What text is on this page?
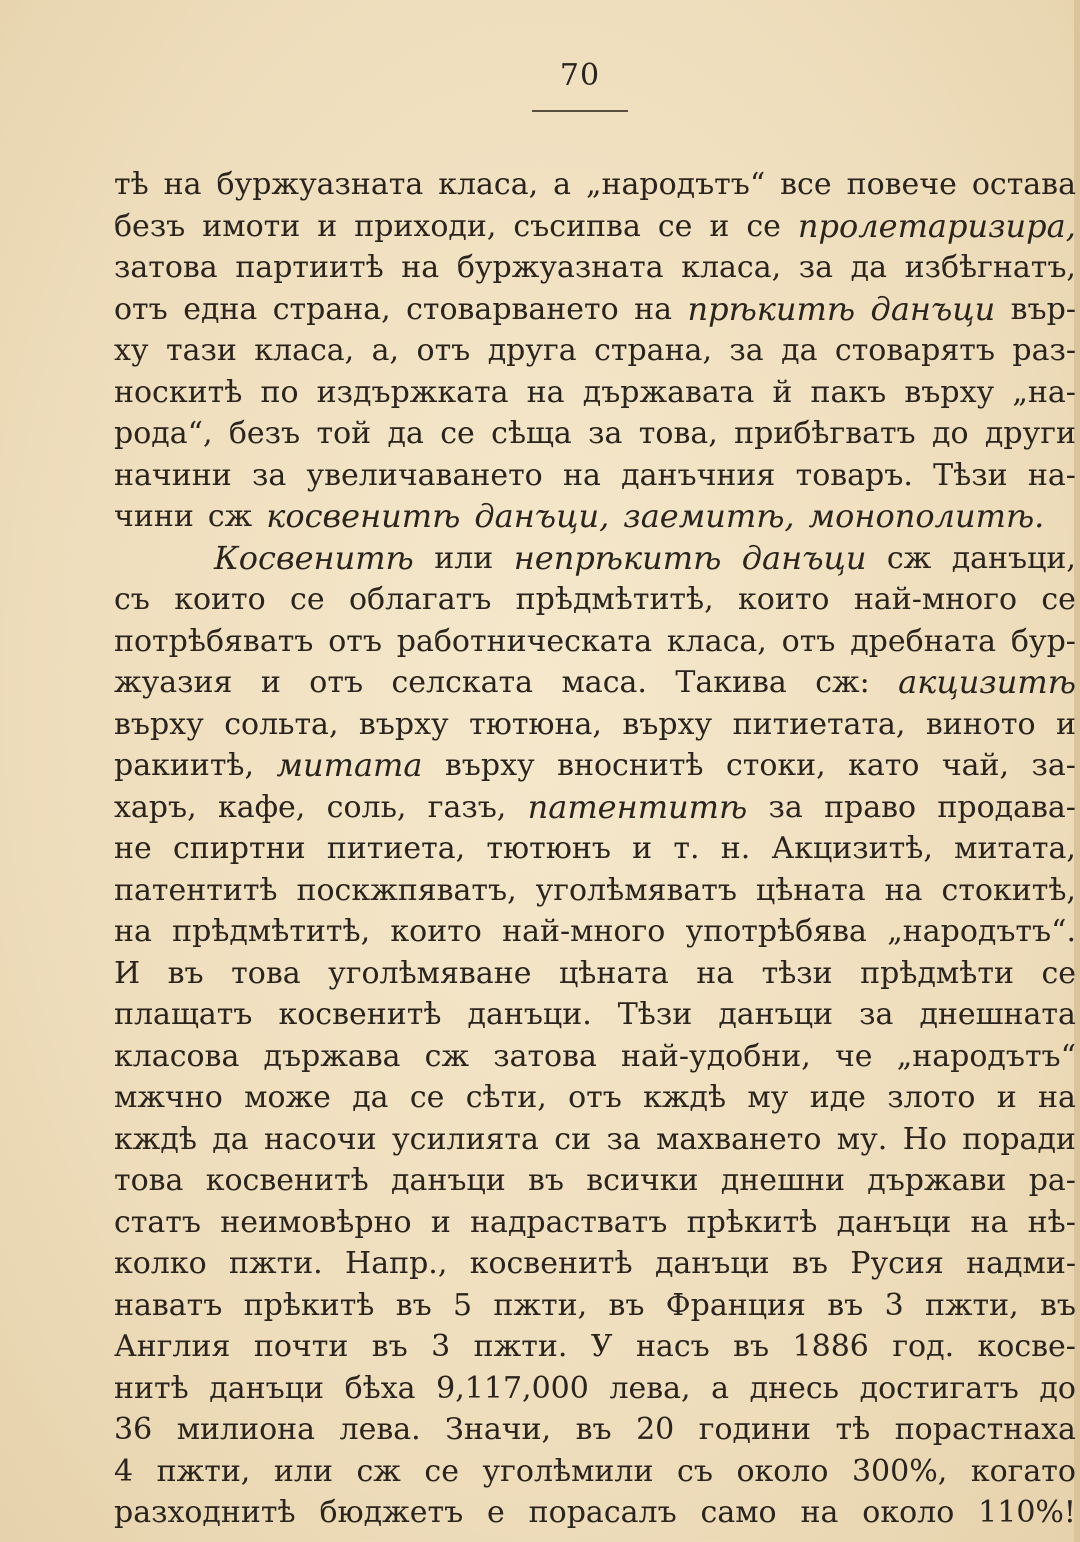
70
тѣ на буржуазната класа, а „народътъ“ все повече остава
безъ имоти и приходи, съсипва се и се пролетаризира,
затова партиитѣ на буржуазната класа, за да избѣгнатъ,
отъ една страна, стоварването на прѣкитѣ данъци вър-
ху тази класа, а, отъ друга страна, за да стоварятъ раз-
носкитѣ по издържката на държавата й пакъ върху „на-
рода“, безъ той да се сѣща за това, прибѣгватъ до други
начини за увеличаването на данъчния товаръ. Тѣзи на-
чини сж косвенитѣ данъци, заемитѣ, монополитѣ.
Косвенитѣ или непрѣкитѣ данъци сж данъци,
съ които се облагатъ прѣдмѣтитѣ, които най-много се
потрѣбяватъ отъ работническата класа, отъ дребната бур-
жуазия и отъ селската маса. Такива сж: акцизитѣ
върху сольта, върху тютюна, върху питиетата, виното и
ракиитѣ, митата върху вноснитѣ стоки, като чай, за-
харъ, кафе, соль, газъ, патентитѣ за право продава-
не спиртни питиета, тютюнъ и т. н. Акцизитѣ, митата,
патентитѣ поскжпяватъ, уголѣмяватъ цѣната на стокитѣ,
на прѣдмѣтитѣ, които най-много употрѣбява „народътъ“.
И въ това уголѣмяване цѣната на тѣзи прѣдмѣти се
плащатъ косвенитѣ данъци. Тѣзи данъци за днешната
класова държава сж затова най-удобни, че „народътъ“
мжчно може да се сѣти, отъ кждѣ му иде злото и на
кждѣ да насочи усилията си за махването му. Но поради
това косвенитѣ данъци въ всички днешни държави ра-
статъ неимовѣрно и надрастватъ прѣкитѣ данъци на нѣ-
колко пжти. Напр., косвенитѣ данъци въ Русия надми-
наватъ прѣкитѣ въ 5 пжти, въ Франция въ 3 пжти, въ
Англия почти въ 3 пжти. У насъ въ 1886 год. косве-
нитѣ данъци бѣха 9,117,000 лева, а днесь достигатъ до
36 милиона лева. Значи, въ 20 години тѣ порастнаха
4 пжти, или сж се уголѣмили съ около 300%, когато
разходнитѣ бюджетъ е порасалъ само на около 110%!
